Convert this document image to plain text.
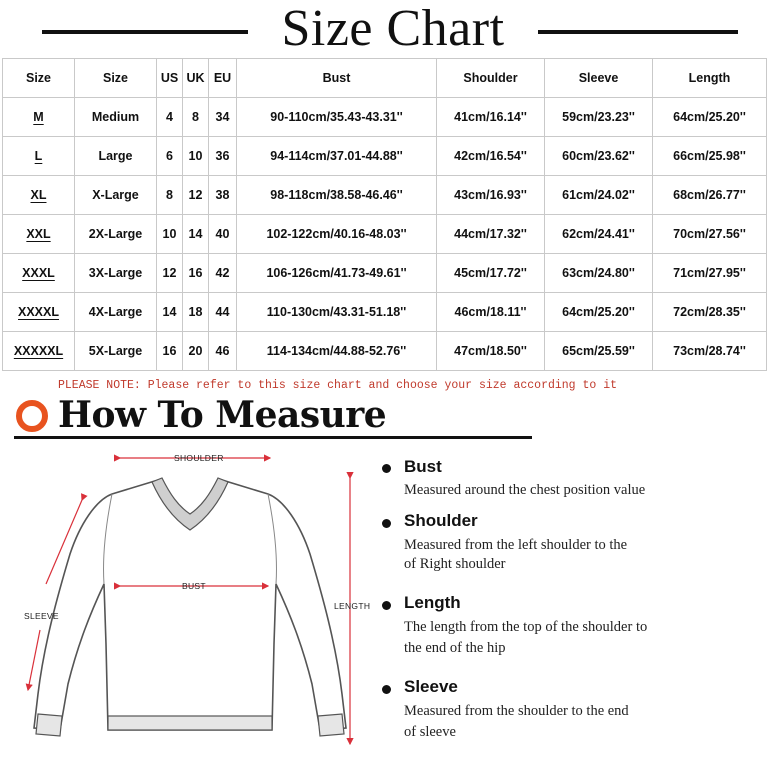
Size Chart
Size	Size	US	UK	EU	Bust	Shoulder	Sleeve	Length
M	Medium	4	8	34	90-110cm/35.43-43.31''	41cm/16.14''	59cm/23.23''	64cm/25.20''
L	Large	6	10	36	94-114cm/37.01-44.88''	42cm/16.54''	60cm/23.62''	66cm/25.98''
XL	X-Large	8	12	38	98-118cm/38.58-46.46''	43cm/16.93''	61cm/24.02''	68cm/26.77''
XXL	2X-Large	10	14	40	102-122cm/40.16-48.03''	44cm/17.32''	62cm/24.41''	70cm/27.56''
XXXL	3X-Large	12	16	42	106-126cm/41.73-49.61''	45cm/17.72''	63cm/24.80''	71cm/27.95''
XXXXL	4X-Large	14	18	44	110-130cm/43.31-51.18''	46cm/18.11''	64cm/25.20''	72cm/28.35''
XXXXXL	5X-Large	16	20	46	114-134cm/44.88-52.76''	47cm/18.50''	65cm/25.59''	73cm/28.74''
PLEASE NOTE: Please refer to this size chart and choose your size according to it
How To Measure
SHOULDER
BUST
SLEEVE
LENGTH
Bust
Measured around the chest position value
Shoulder
Measured from the left shoulder to the
of Right shoulder
Length
The length from the top of the shoulder to
the end of the hip
Sleeve
Measured from the shoulder to the end
of sleeve
